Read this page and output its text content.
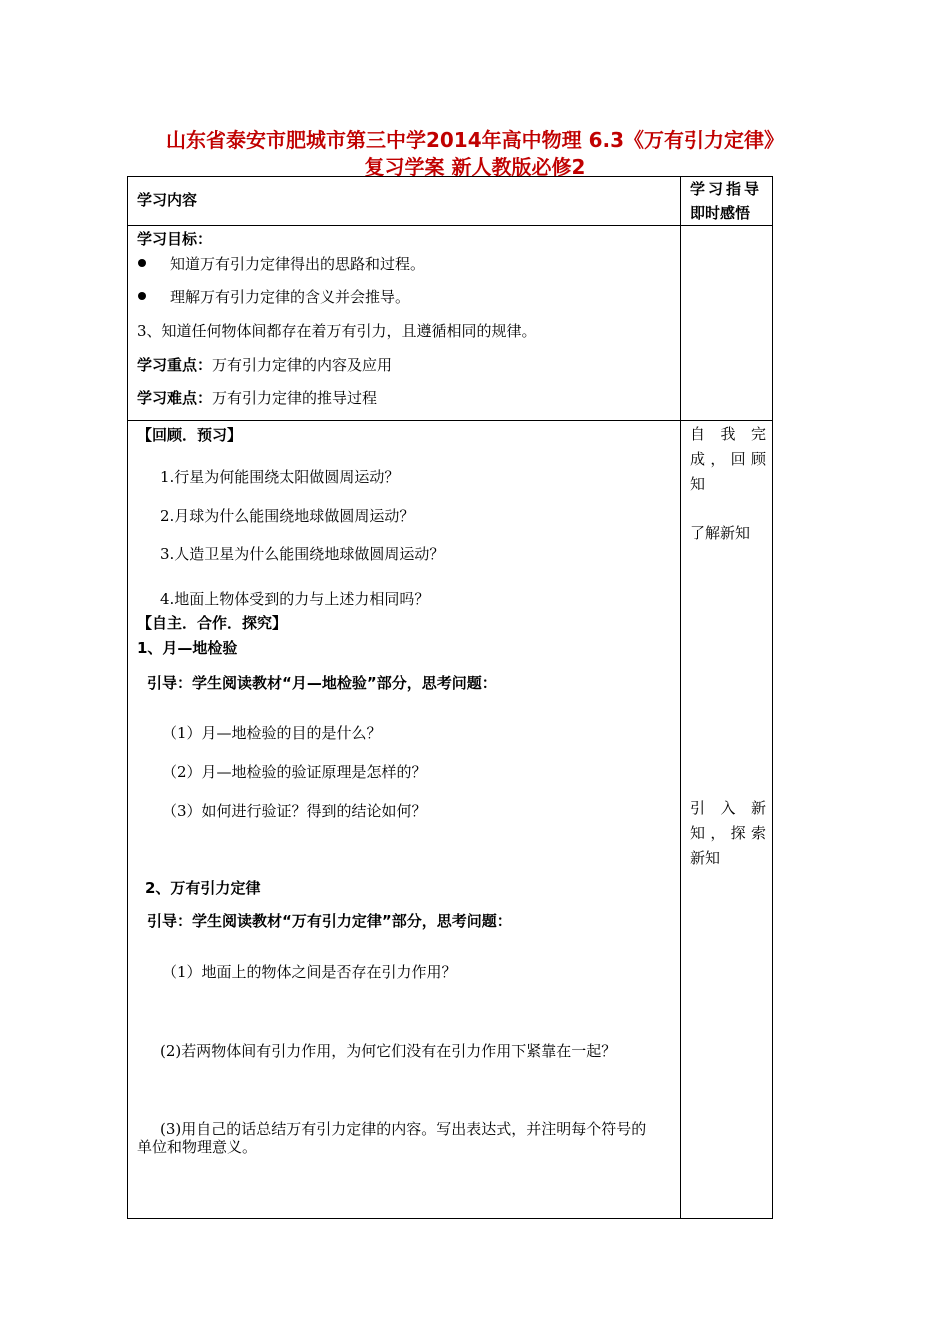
山东省泰安市肥城市第三中学2014年高中物理 6.3《万有引力定律》
复习学案 新人教版必修2
学习内容
学习指导
即时感悟
学习目标：
知道万有引力定律得出的思路和过程。
理解万有引力定律的含义并会推导。
3、知道任何物体间都存在着万有引力，且遵循相同的规律。
学习重点：万有引力定律的内容及应用
学习难点：万有引力定律的推导过程
【回顾．预习】
1.行星为何能围绕太阳做圆周运动？
2.月球为什么能围绕地球做圆周运动？
3.人造卫星为什么能围绕地球做圆周运动？
4.地面上物体受到的力与上述力相同吗？
【自主．合作．探究】
1、月—地检验
引导：学生阅读教材“月—地检验”部分，思考问题：
（1）月—地检验的目的是什么？
（2）月—地检验的验证原理是怎样的？
（3）如何进行验证？得到的结论如何？
2、万有引力定律
引导：学生阅读教材“万有引力定律”部分，思考问题：
（1）地面上的物体之间是否存在引力作用？
(2)若两物体间有引力作用，为何它们没有在引力作用下紧靠在一起？
(3)用自己的话总结万有引力定律的内容。写出表达式，并注明每个符号的单位和物理意义。
自我完
成，回顾
知
了解新知
引入新
知，探索
新知
